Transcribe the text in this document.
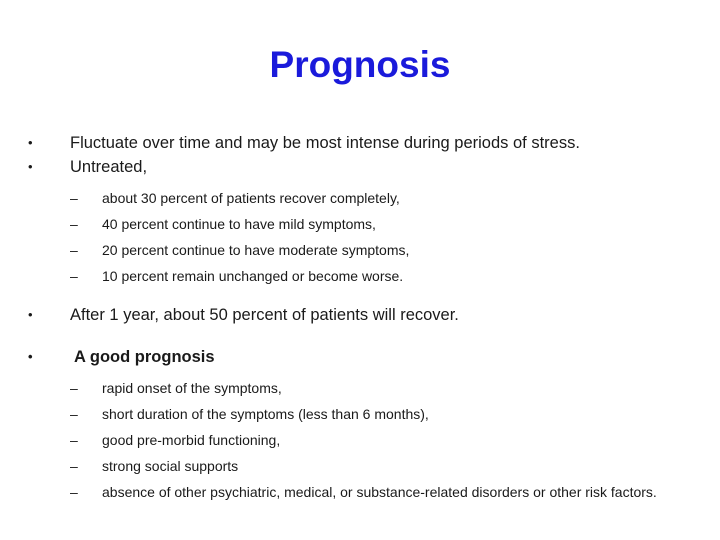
Prognosis
•	Fluctuate over time and may be most intense during periods of stress.
•	Untreated,
– about 30 percent of patients recover completely,
– 40 percent continue to have mild symptoms,
– 20 percent continue to have moderate symptoms,
– 10 percent remain unchanged or become worse.
•	After 1 year, about 50 percent of patients will recover.
•	A good prognosis
– rapid onset of the symptoms,
– short duration of the symptoms (less than 6 months),
– good pre-morbid functioning,
– strong social supports
– absence of other psychiatric, medical, or substance-related disorders or other risk factors.
